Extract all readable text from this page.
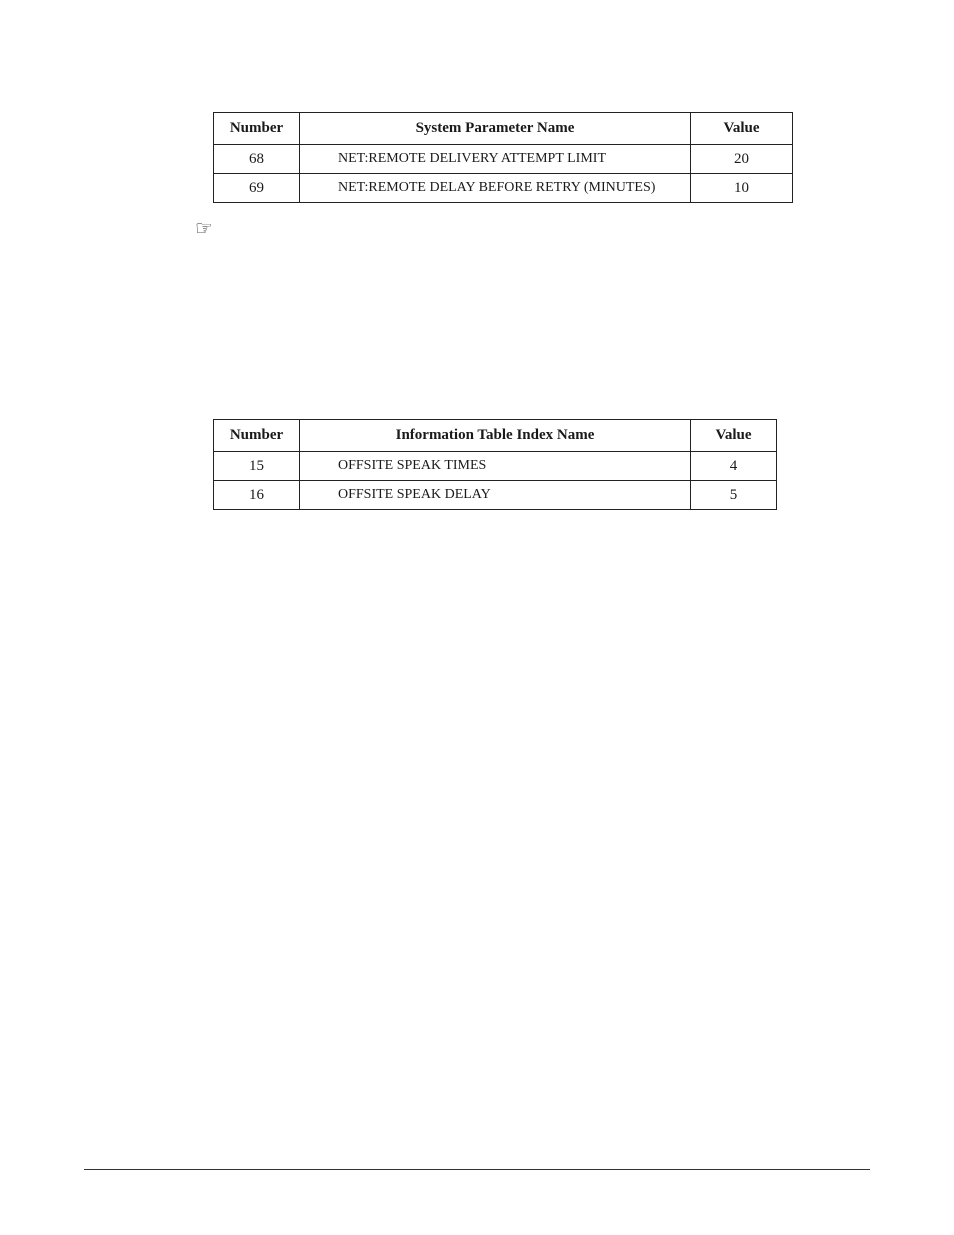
Number	System Parameter Name	Value
68	NET:REMOTE DELIVERY ATTEMPT LIMIT	20
69	NET:REMOTE DELAY BEFORE RETRY (MINUTES)	10
☞
Number	Information Table Index Name	Value
15	OFFSITE SPEAK TIMES	4
16	OFFSITE SPEAK DELAY	5
